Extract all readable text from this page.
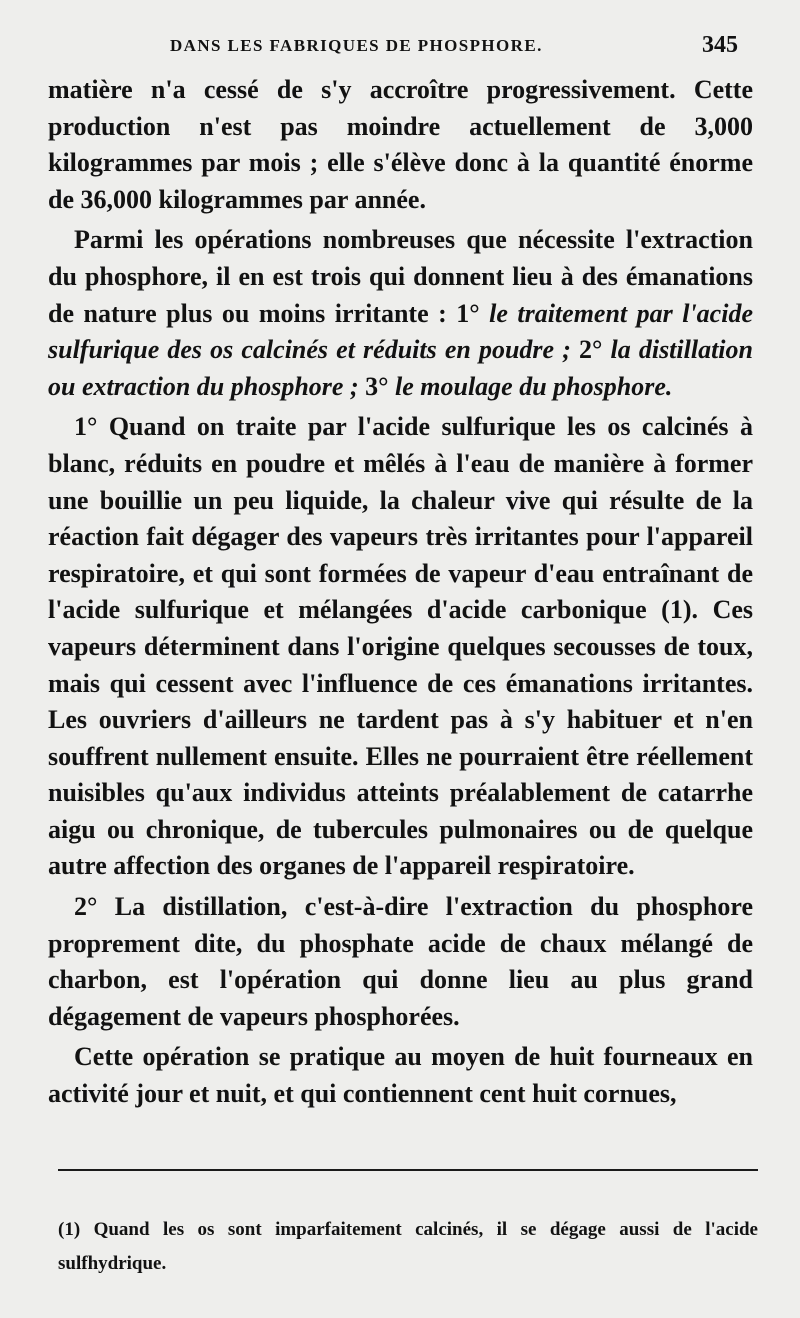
DANS LES FABRIQUES DE PHOSPHORE.	345

matière n'a cessé de s'y accroître progressivement. Cette production n'est pas moindre actuellement de 3,000 kilogrammes par mois ; elle s'élève donc à la quantité énorme de 36,000 kilogrammes par année.

Parmi les opérations nombreuses que nécessite l'extraction du phosphore, il en est trois qui donnent lieu à des émanations de nature plus ou moins irritante : 1° le traitement par l'acide sulfurique des os calcinés et réduits en poudre ; 2° la distillation ou extraction du phosphore ; 3° le moulage du phosphore.

1° Quand on traite par l'acide sulfurique les os calcinés à blanc, réduits en poudre et mêlés à l'eau de manière à former une bouillie un peu liquide, la chaleur vive qui résulte de la réaction fait dégager des vapeurs très irritantes pour l'appareil respiratoire, et qui sont formées de vapeur d'eau entraînant de l'acide sulfurique et mélangées d'acide carbonique (1). Ces vapeurs déterminent dans l'origine quelques secousses de toux, mais qui cessent avec l'influence de ces émanations irritantes. Les ouvriers d'ailleurs ne tardent pas à s'y habituer et n'en souffrent nullement ensuite. Elles ne pourraient être réellement nuisibles qu'aux individus atteints préalablement de catarrhe aigu ou chronique, de tubercules pulmonaires ou de quelque autre affection des organes de l'appareil respiratoire.

2° La distillation, c'est-à-dire l'extraction du phosphore proprement dite, du phosphate acide de chaux mélangé de charbon, est l'opération qui donne lieu au plus grand dégagement de vapeurs phosphorées.

Cette opération se pratique au moyen de huit fourneaux en activité jour et nuit, et qui contiennent cent huit cornues,

(1) Quand les os sont imparfaitement calcinés, il se dégage aussi de l'acide sulfhydrique.
